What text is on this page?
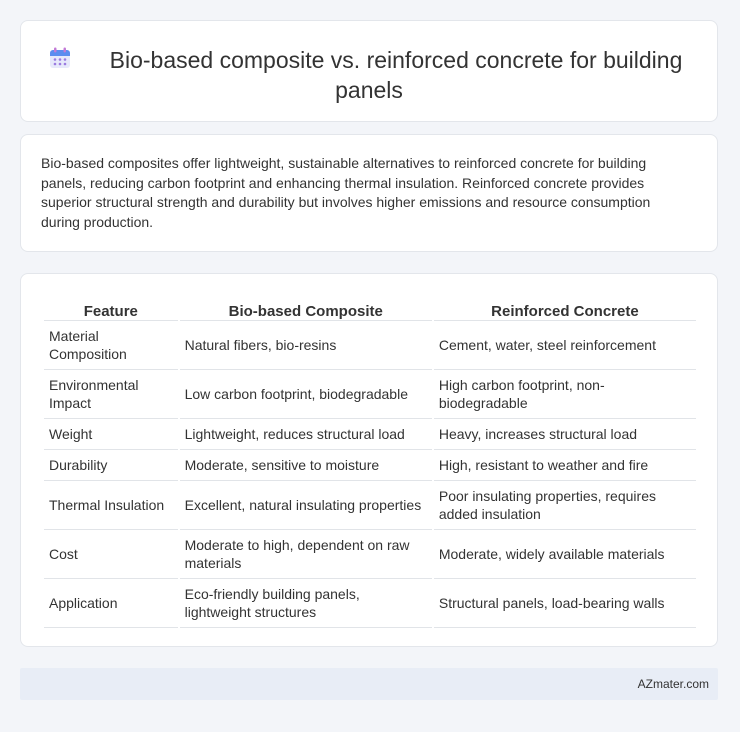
Bio-based composite vs. reinforced concrete for building
panels
Bio-based composites offer lightweight, sustainable alternatives to reinforced concrete for building panels, reducing carbon footprint and enhancing thermal insulation. Reinforced concrete provides superior structural strength and durability but involves higher emissions and resource consumption during production.
Feature	Bio-based Composite	Reinforced Concrete
Material Composition	Natural fibers, bio-resins	Cement, water, steel reinforcement
Environmental Impact	Low carbon footprint, biodegradable	High carbon footprint, non-biodegradable
Weight	Lightweight, reduces structural load	Heavy, increases structural load
Durability	Moderate, sensitive to moisture	High, resistant to weather and fire
Thermal Insulation	Excellent, natural insulating properties	Poor insulating properties, requires added insulation
Cost	Moderate to high, dependent on raw materials	Moderate, widely available materials
Application	Eco-friendly building panels, lightweight structures	Structural panels, load-bearing walls
AZmater.com
